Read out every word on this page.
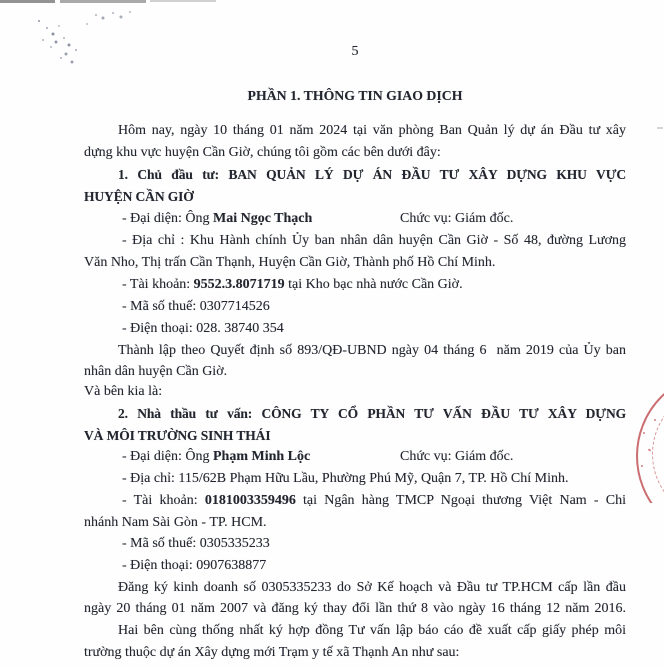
5
PHẦN 1. THÔNG TIN GIAO DỊCH
Hôm nay, ngày 10 tháng 01 năm 2024 tại văn phòng Ban Quản lý dự án Đầu tư xây
dựng khu vực huyện Cần Giờ, chúng tôi gồm các bên dưới đây:
1. Chủ đầu tư: BAN QUẢN LÝ DỰ ÁN ĐẦU TƯ XÂY DỰNG KHU VỰC
HUYỆN CẦN GIỜ
- Đại diện: Ông Mai Ngọc Thạch	Chức vụ: Giám đốc.
- Địa chỉ : Khu Hành chính Ủy ban nhân dân huyện Cần Giờ - Số 48, đường Lương
Văn Nho, Thị trấn Cần Thạnh, Huyện Cần Giờ, Thành phố Hồ Chí Minh.
- Tài khoản: 9552.3.8071719 tại Kho bạc nhà nước Cần Giờ.
- Mã số thuế: 0307714526
- Điện thoại: 028. 38740 354
Thành lập theo Quyết định số 893/QĐ-UBND ngày 04 tháng 6  năm 2019 của Ủy ban
nhân dân huyện Cần Giờ.
Và bên kia là:
2. Nhà thầu tư vấn: CÔNG TY CỔ PHẦN TƯ VẤN ĐẦU TƯ XÂY DỰNG
VÀ MÔI TRƯỜNG SINH THÁI
- Đại diện: Ông Phạm Minh Lộc	Chức vụ: Giám đốc.
- Địa chỉ: 115/62B Phạm Hữu Lầu, Phường Phú Mỹ, Quận 7, TP. Hồ Chí Minh.
- Tài khoản: 0181003359496 tại Ngân hàng TMCP Ngoại thương Việt Nam - Chi
nhánh Nam Sài Gòn - TP. HCM.
- Mã số thuế: 0305335233
- Điện thoại: 0907638877
Đăng ký kinh doanh số 0305335233 do Sở Kế hoạch và Đầu tư TP.HCM cấp lần đầu
ngày 20 tháng 01 năm 2007 và đăng ký thay đổi lần thứ 8 vào ngày 16 tháng 12 năm 2016.
Hai bên cùng thống nhất ký hợp đồng Tư vấn lập báo cáo đề xuất cấp giấy phép môi
trường thuộc dự án Xây dựng mới Trạm y tế xã Thạnh An như sau:
